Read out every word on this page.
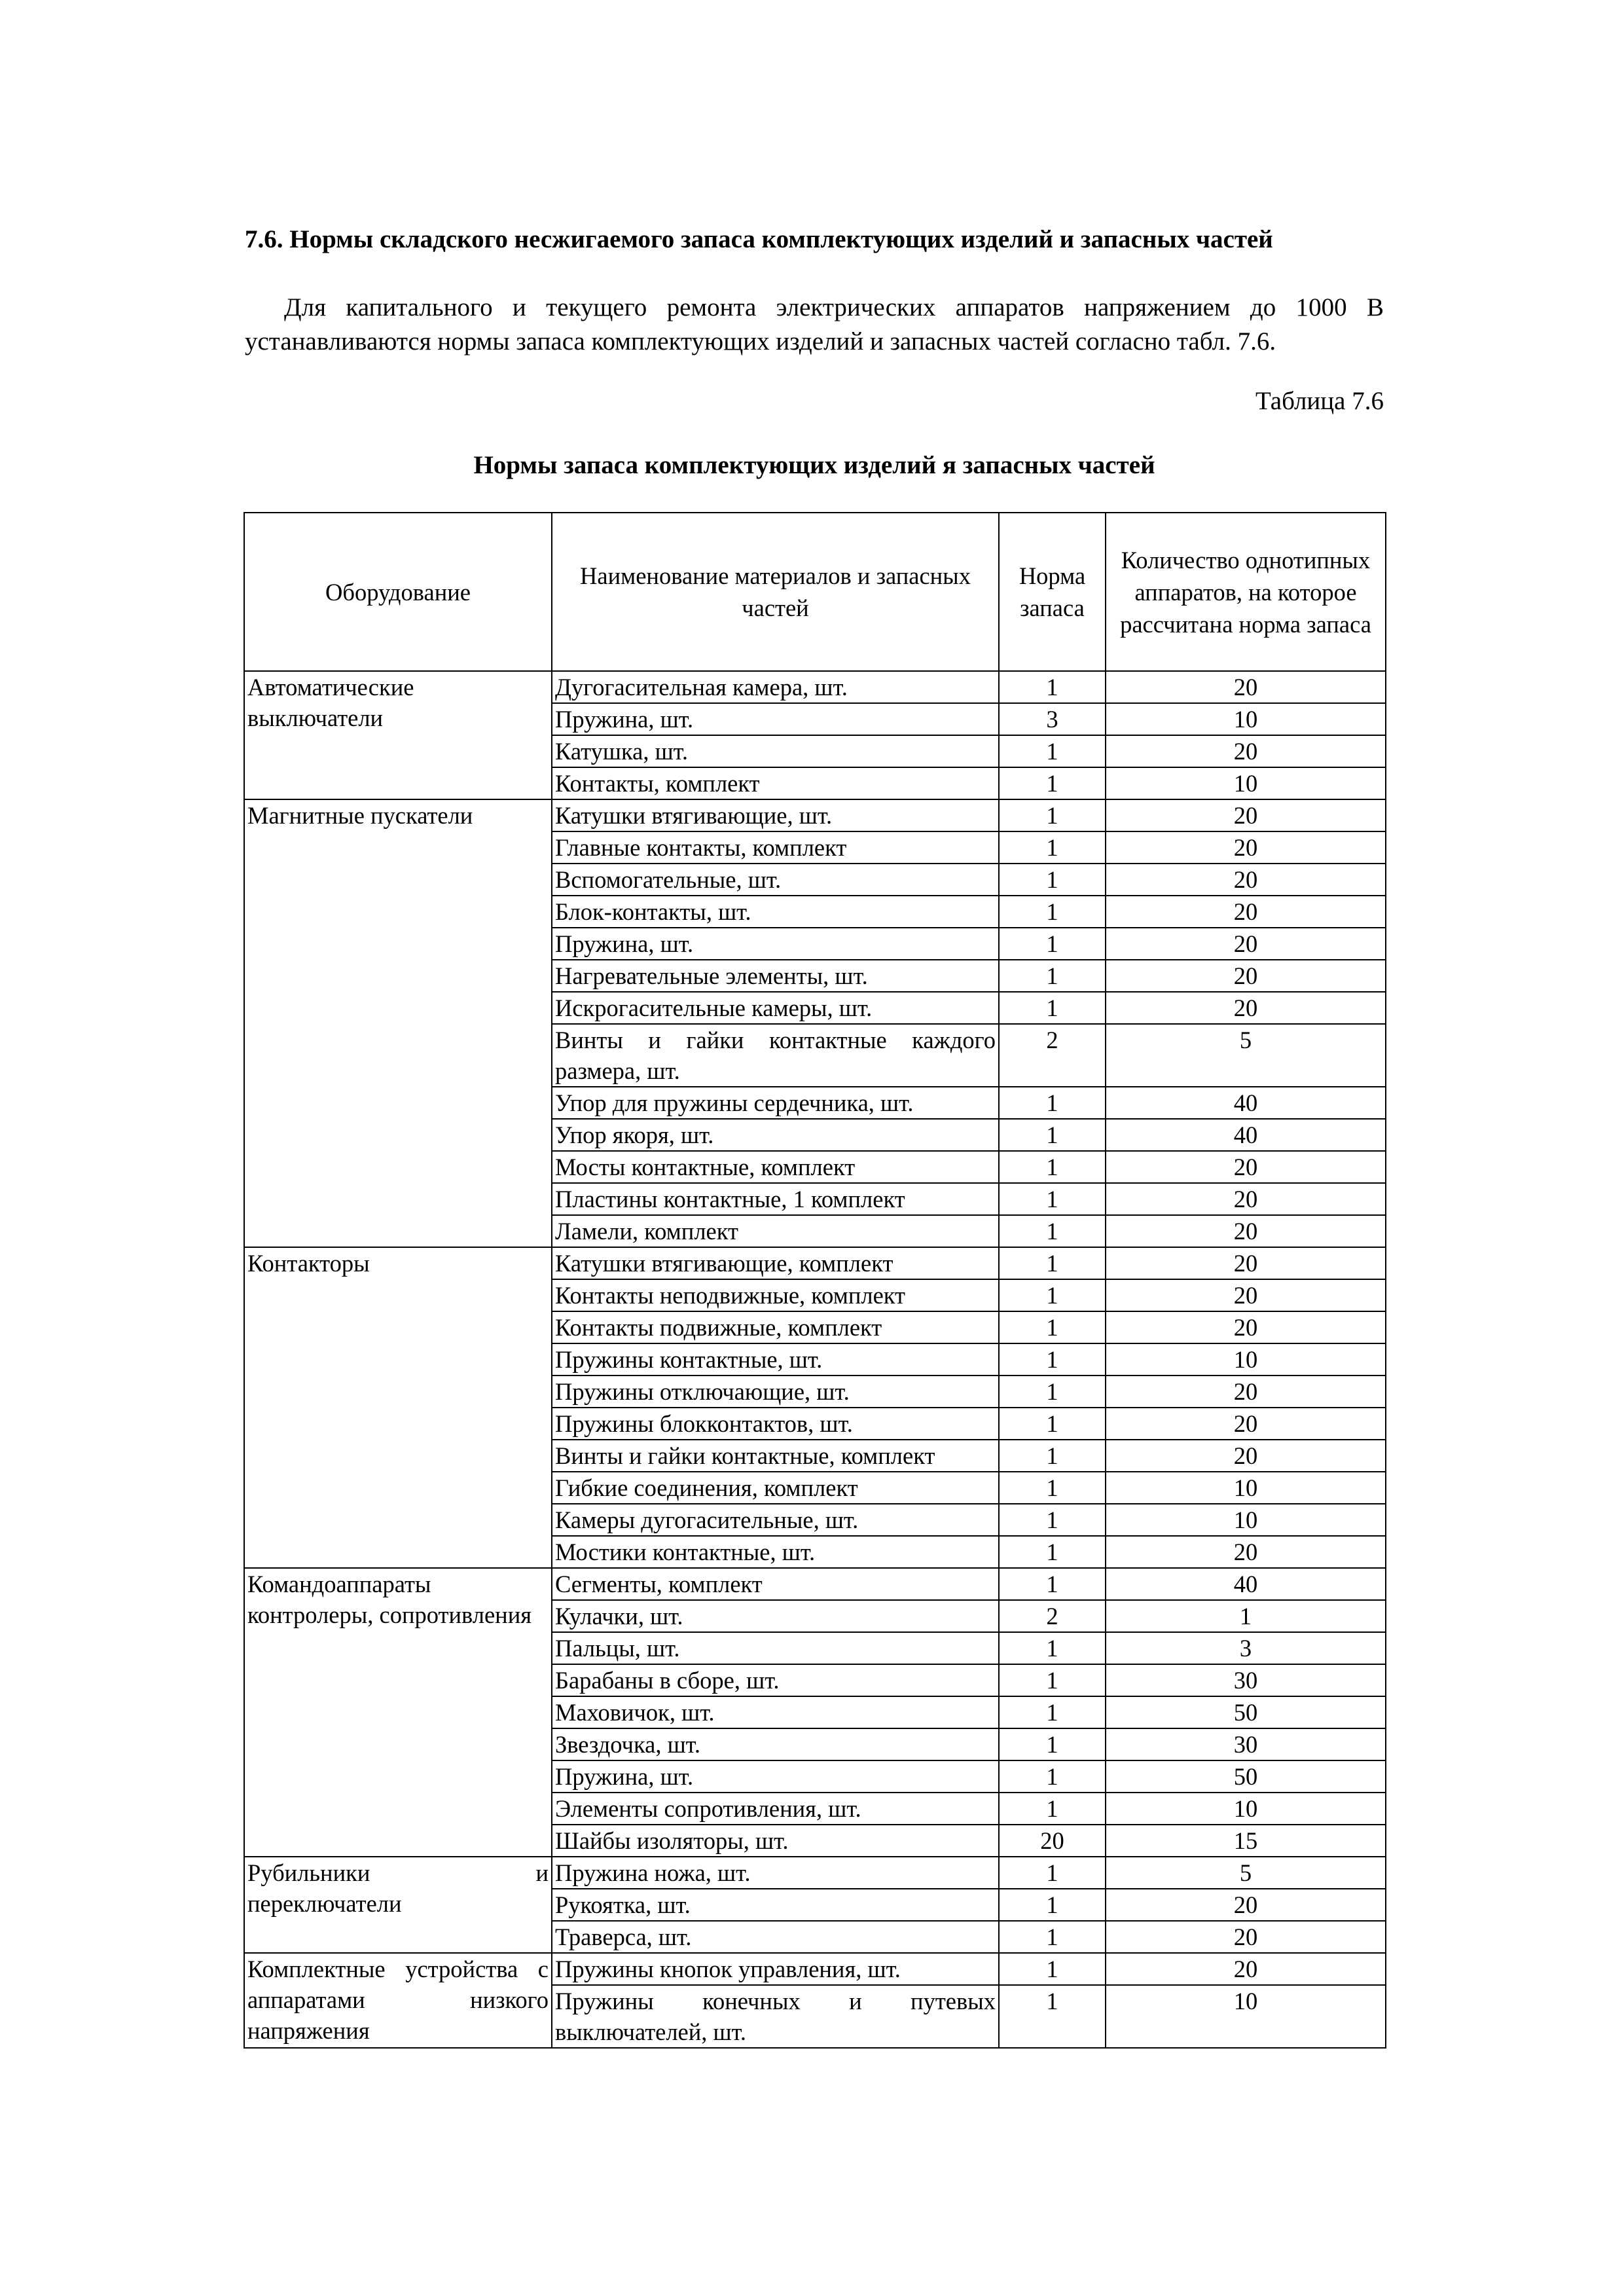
7.6. Нормы складского несжигаемого запаса комплектующих изделий и запасных частей

Для капитального и текущего ремонта электрических аппаратов напряжением до 1000 В устанавливаются нормы запаса комплектующих изделий и запасных частей согласно табл. 7.6.

Таблица 7.6

Нормы запаса комплектующих изделий я запасных частей

Оборудование	Наименование материалов и запасных частей	Норма запаса	Количество однотипных аппаратов, на которое рассчитана норма запаса
Автоматические выключатели	Дугогасительная камера, шт.	1	20
	Пружина, шт.	3	10
	Катушка, шт.	1	20
	Контакты, комплект	1	10
Магнитные пускатели	Катушки втягивающие, шт.	1	20
	Главные контакты, комплект	1	20
	Вспомогательные, шт.	1	20
	Блок-контакты, шт.	1	20
	Пружина, шт.	1	20
	Нагревательные элементы, шт.	1	20
	Искрогасительные камеры, шт.	1	20
	Винты и гайки контактные каждого размера, шт.	2	5
	Упор для пружины сердечника, шт.	1	40
	Упор якоря, шт.	1	40
	Мосты контактные, комплект	1	20
	Пластины контактные, 1 комплект	1	20
	Ламели, комплект	1	20
Контакторы	Катушки втягивающие, комплект	1	20
	Контакты неподвижные, комплект	1	20
	Контакты подвижные, комплект	1	20
	Пружины контактные, шт.	1	10
	Пружины отключающие, шт.	1	20
	Пружины блокконтактов, шт.	1	20
	Винты и гайки контактные, комплект	1	20
	Гибкие соединения, комплект	1	10
	Камеры дугогасительные, шт.	1	10
	Мостики контактные, шт.	1	20
Командоаппараты контролеры, сопротивления	Сегменты, комплект	1	40
	Кулачки, шт.	2	1
	Пальцы, шт.	1	3
	Барабаны в сборе, шт.	1	30
	Маховичок, шт.	1	50
	Звездочка, шт.	1	30
	Пружина, шт.	1	50
	Элементы сопротивления, шт.	1	10
	Шайбы изоляторы, шт.	20	15
Рубильники и переключатели	Пружина ножа, шт.	1	5
	Рукоятка, шт.	1	20
	Траверса, шт.	1	20
Комплектные устройства с аппаратами низкого напряжения	Пружины кнопок управления, шт.	1	20
	Пружины конечных и путевых выключателей, шт.	1	10
